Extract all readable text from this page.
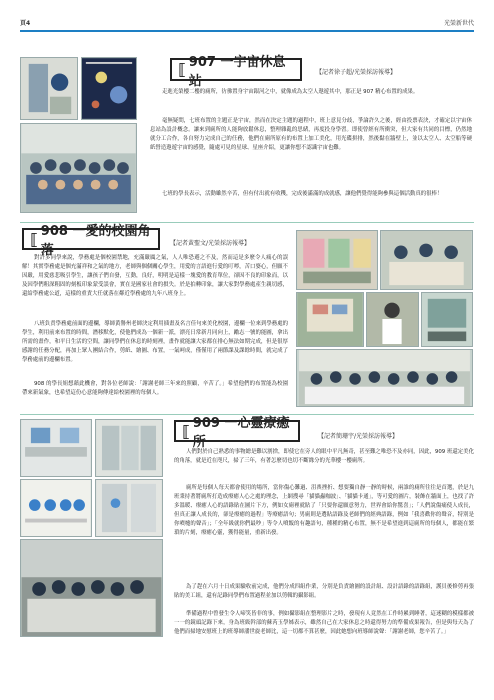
頁4	光榮新世代
⟦ 907 一宇宙休息站
【記者徐子超/光榮採訪報導】

走進光榮樓二樓的廁所，彷彿置身宇宙銀河之中，就像成為太空人遨遊其中，那正是 907 精心布置的成果。

毫無疑問，七班布置的主題正是宇宙，然而在決定主題的過程中，班上意見分歧，爭論許久之後，經由投票表決，才確定以宇宙休息站為設計概念。讓來到廁所的人能夠放鬆休息，整理雜亂的思緒，再度投身學習。即使曾經有所衝突，但大家有共同的目標，仍然地就分工合作，各自努力完成自己的任務，他們在廁所原有的布置上加工美化，用光碟拼排，然後黏在牆壁上，並以太空人、太空船等硬紙營造遨遊宇宙的感覺，隨處可見的星球、星座介紹，更讓你想不認識宇宙也難。

七班的學長表示，活動雖然辛苦，但有付出就有收穫，完成後滿滿的成就感，讓他們覺得能夠參與這個活動真的很棒！

⟦ 908 一愛的校園角落	【記者黃聖文/光榮採訪報導】

對許多同學來說，學務處是個校園禁地，充滿嚴厲之氣，人人唯恐避之不及，然而這是多麼令人痛心的誤解！其實學務處是個充滿祥和之氣的地方，老師與個個關心學生，用愛的言語進行愛的叮嚀，苦口婆心，但願不因嚴，用愛慈悲吸引學生，讓孩子們自發，互動，良好，明明是這樣一塊愛的教育單位，卻因不良的印象而，以及因學們粗深粗固的刻板印象蒙受誤會，實在是國家社會的損失。於是拍轉印象，讓大家對學務處產生親切感，還給學務處公道，這樣的重責大任就落在鄰近學務處的九年八班身上。

八班負責學務處前面的邊欄，導師黃譽州老師決定利用插畫及名言佳句來美化校園，邊欄一位來到學務處的學生，利用前來布置的時間，潛移默化，使他們成為一個新一派，漂亮日常新月同向上，勵志一號的能圖，拿出所需的畫作，和平日生活的空間，讓同學們在休息的時刻裡，畫作就能讓大家都在排心無法如期完成，但是很厚感謝的任務分配，再加上眾人團結合作，剪紙、繪圖、布置，一氣呵成，僅僅用了兩節課及課餘時間，就完成了學務處前的邊欄布置。

908 的學長姐想藉此機會，對各位老師說：「謝謝老師三年來的照顧，辛苦了。」希望他們的布置能為校園帶來新氣象，也希望這份心意能夠傳達給校園裡的每個人。

⟦ 909 一心靈療癒所	【記者簡珊宇/光榮採訪報導】

人們對於自己熟悉的事物總是難以割捨，即使它在旁人的眼中平凡無奇，甚至難之唯恐不及亦同，因此，909 班還定美化的角落，就是近在咫尺，掃了三年，有著怎麼切也切不斷緣分的光華樓一樓廁所。

廁所是每個人每天都會使用的場所，當你傷心難過、沮喪挫折、想要獨自靜一靜的時候，兩誰的廁所往往是首選，於是九班秉持著將廁所打造成療癒人心之處的理念，上網搜尋「貓貓蟲咖波」、「貓貓卡通」，等可愛的圖片，裝飾在牆面上，也找了許多溫暖、療癒人心的語錄貼在圖片下方，例如女廁裡就貼了「只要你還願意努力，世界會給你驚喜」；「人們說傷痛使人成長，但真正讓人成長的，卻是療癒的過程」等療癒語句；男廁則是選貼語錄及老師們的經典語錄，例如「我喜歡你的聲音，特別是你噴嚏的聲音」；「全年級就你們最吵」等令人噴飯的有趣語句，種種的精心布置，無不是希望進到這廁所的每個人，都能在繁瑣的片刻，療癒心靈，獲得能量，重新出發。

為了趕在六月十日成果驗收前完成，他們分成四組作業，分別是負責繪圖的設計組、設計語錄的語錄組，護貝後修剪再張貼的美工組，還有記錄同學們布置過程並加以剪輯的攝影組。

準備過程中曾發生令人啼笑皆非的事，例如攝影組在整理影片之時，發現有人竟然在工作時累到睡著，這迷糊的模樣都被一一的鏡頭記錄下來，身為班級幹部的蘇芮玉學姊表示，雖然自己在大家休息之時還得努力的準備成果報告，但是與每天為了他們而掃地安慰班上的班導師潘世旋老師比，這一切都不算甚麼，因此她想向班導師說聲：「謝謝老師，您辛苦了。」
